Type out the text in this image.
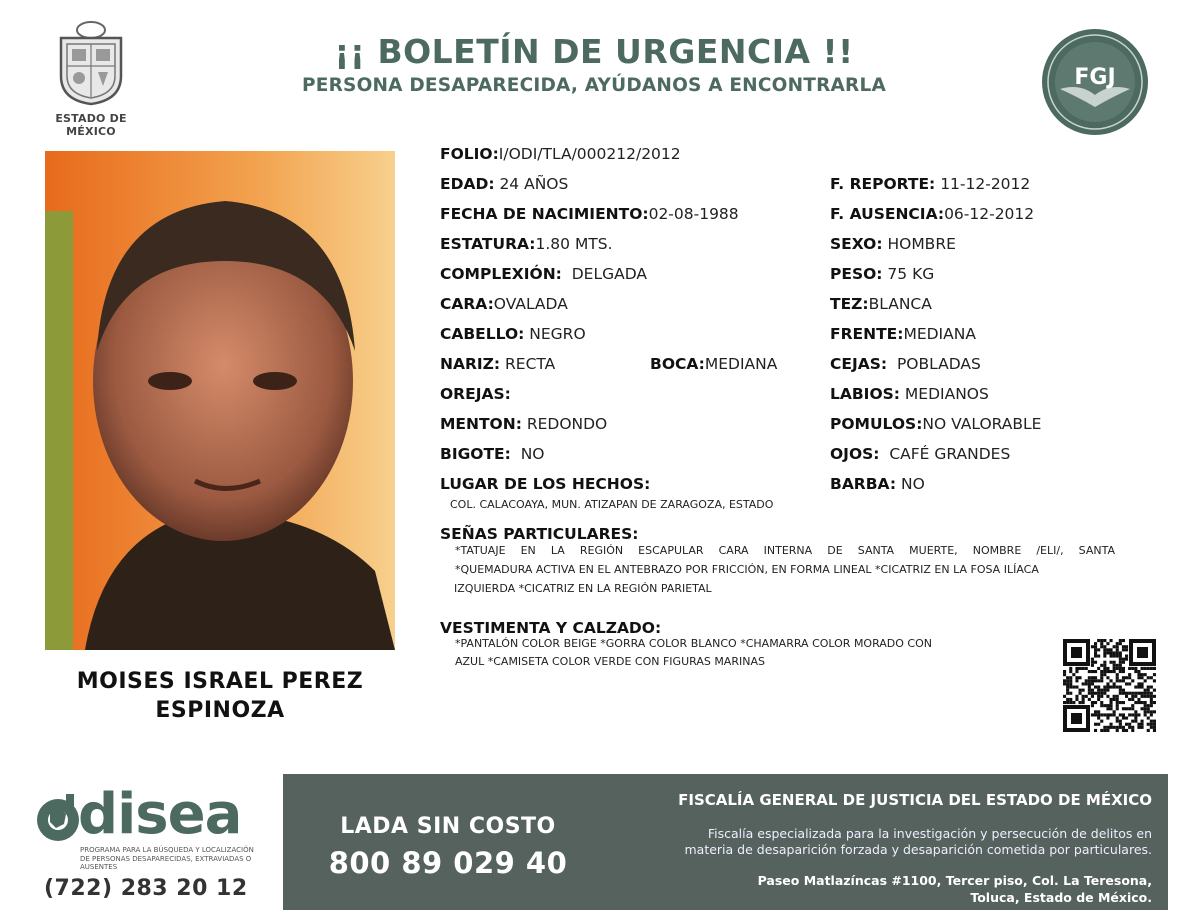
ESTADO DE MÉXICO
¡¡ BOLETÍN DE URGENCIA !!
PERSONA DESAPARECIDA, AYÚDANOS A ENCONTRARLA	FGJ
MOISES ISRAEL PEREZ
ESPINOZA
FOLIO:I/ODI/TLA/000212/2012
EDAD: 24 AÑOS
FECHA DE NACIMIENTO:02-08-1988
ESTATURA:1.80 MTS.
COMPLEXIÓN:  DELGADA
CARA:OVALADA
CABELLO: NEGRO
NARIZ: RECTA	BOCA:MEDIANA
OREJAS:
MENTON: REDONDO
BIGOTE:  NO
LUGAR DE LOS HECHOS:
F. REPORTE: 11-12-2012
F. AUSENCIA:06-12-2012
SEXO: HOMBRE
PESO: 75 KG
TEZ:BLANCA
FRENTE:MEDIANA
CEJAS:  POBLADAS
LABIOS: MEDIANOS
POMULOS:NO VALORABLE
OJOS:  CAFÉ GRANDES
BARBA: NO
COL. CALACOAYA, MUN. ATIZAPAN DE ZARAGOZA, ESTADO
SEÑAS PARTICULARES:
*TATUAJE EN LA REGIÓN ESCAPULAR CARA INTERNA DE SANTA MUERTE, NOMBRE /ELI/, SANTA
*QUEMADURA ACTIVA EN EL ANTEBRAZO POR FRICCIÓN, EN FORMA LINEAL *CICATRIZ EN LA FOSA ILÍACA
IZQUIERDA *CICATRIZ EN LA REGIÓN PARIETAL
VESTIMENTA Y CALZADO:
*PANTALÓN COLOR BEIGE *GORRA COLOR BLANCO *CHAMARRA COLOR MORADO CON
AZUL *CAMISETA COLOR VERDE CON FIGURAS MARINAS
disea
PROGRAMA PARA LA BÚSQUEDA Y LOCALIZACIÓN
DE PERSONAS DESAPARECIDAS, EXTRAVIADAS O
AUSENTES
(722) 283 20 12
LADA SIN COSTO
800 89 029 40
FISCALÍA GENERAL DE JUSTICIA DEL ESTADO DE MÉXICO
Fiscalía especializada para la investigación y persecución de delitos en
materia de desaparición forzada y desaparición cometida por particulares.
Paseo Matlazíncas #1100, Tercer piso, Col. La Teresona,
Toluca, Estado de México.
